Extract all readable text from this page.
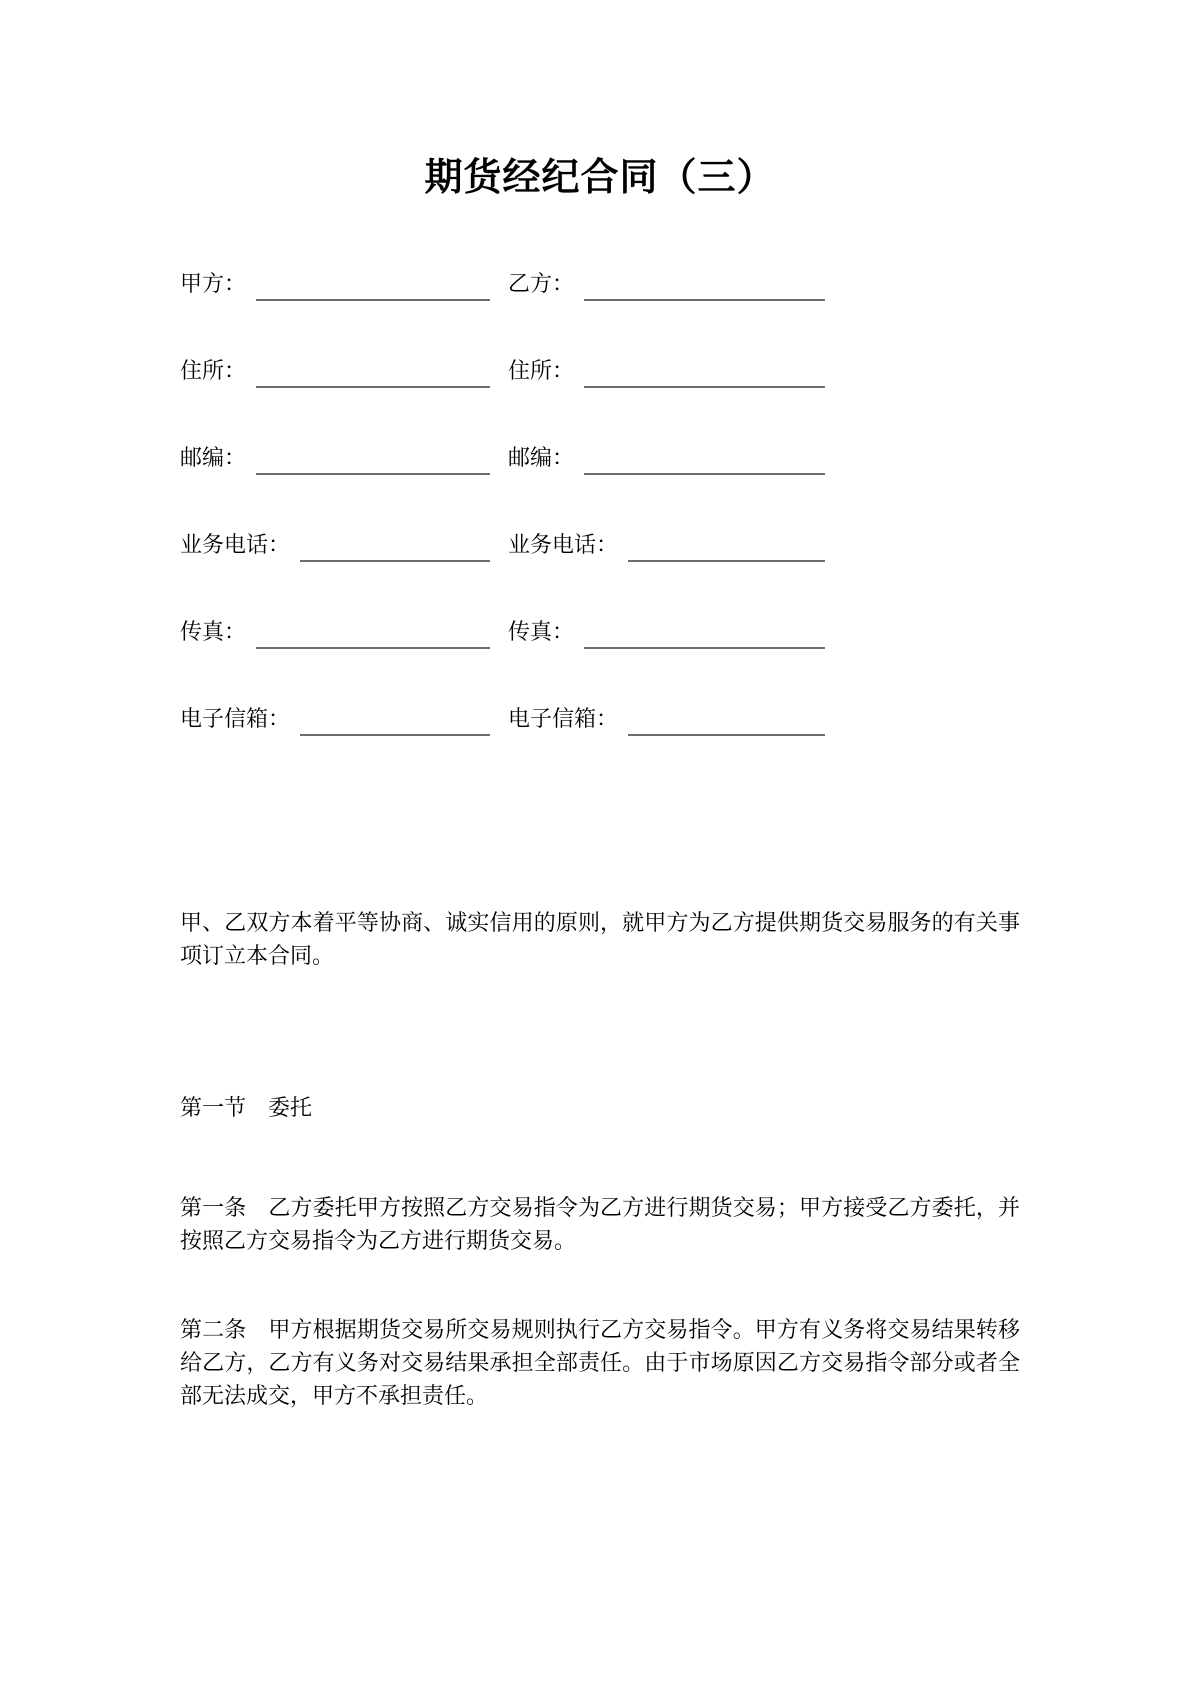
期货经纪合同（三）
甲方：	乙方：
住所：	住所：
邮编：	邮编：
业务电话：	业务电话：
传真：	传真：
电子信箱：	电子信箱：

甲、乙双方本着平等协商、诚实信用的原则，就甲方为乙方提供期货交易服务的有关事项订立本合同。

第一节　委托

第一条　乙方委托甲方按照乙方交易指令为乙方进行期货交易；甲方接受乙方委托，并按照乙方交易指令为乙方进行期货交易。

第二条　甲方根据期货交易所交易规则执行乙方交易指令。甲方有义务将交易结果转移给乙方，乙方有义务对交易结果承担全部责任。由于市场原因乙方交易指令部分或者全部无法成交，甲方不承担责任。
